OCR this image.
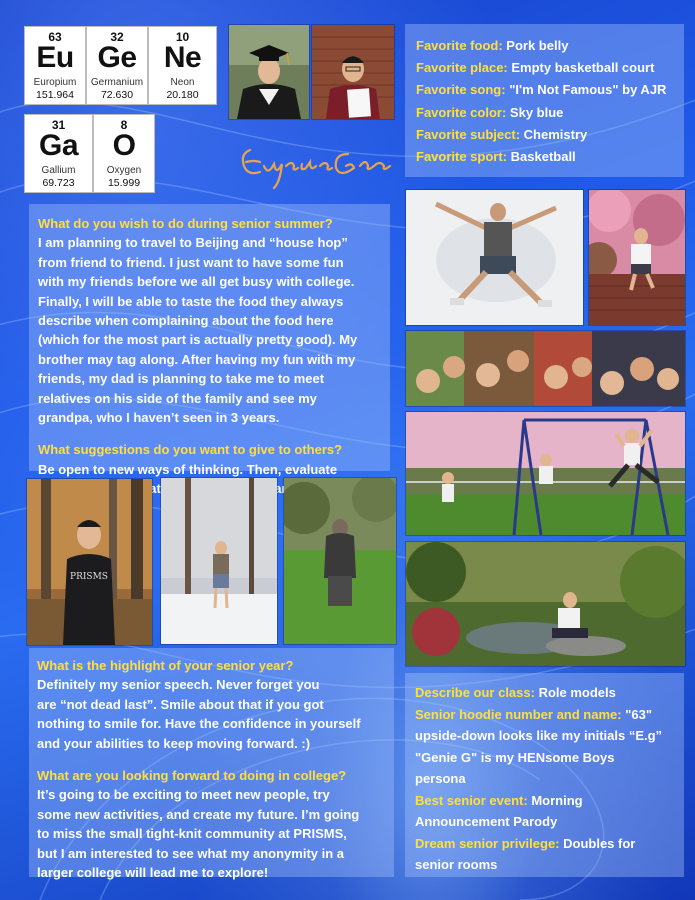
63
Eu
Europium
151.964
32
Ge
Germanium
72.630
10
Ne
Neon
20.180
31
Ga
Gallium
69.723
8
O
Oxygen
15.999
Favorite food: Pork belly
Favorite place: Empty basketball court
Favorite song: "I'm Not Famous" by AJR
Favorite color: Sky blue
Favorite subject: Chemistry
Favorite sport: Basketball
What do you wish to do during senior summer?
I am planning to travel to Beijing and “house hop”
from friend to friend. I just want to have some fun
with my friends before we all get busy with college.
Finally, I will be able to taste the food they always
describe when complaining about the food here
(which for the most part is actually pretty good). My
brother may tag along. After having my fun with my
friends, my dad is planning to take me to meet
relatives on his side of the family and see my
grandpa, who I haven’t seen in 3 years.
What suggestions do you want to give to others?
Be open to new ways of thinking. Then, evaluate
(and
PRISMS
What is the highlight of your senior year?
Definitely my senior speech. Never forget you
are “not dead last”. Smile about that if you got
nothing to smile for. Have the confidence in yourself
and your abilities to keep moving forward. :)
What are you looking forward to doing in college?
It’s going to be exciting to meet new people, try
some new activities, and create my future. I’m going
to miss the small tight-knit community at PRISMS,
but I am interested to see what my anonymity in a
larger college will lead me to explore!
Describe our class: Role models
Senior hoodie number and name: "63"
upside-down looks like my initials “E.g”
"Genie G" is my HENsome Boys
persona
Best senior event: Morning
Announcement Parody
Dream senior privilege: Doubles for
senior rooms
